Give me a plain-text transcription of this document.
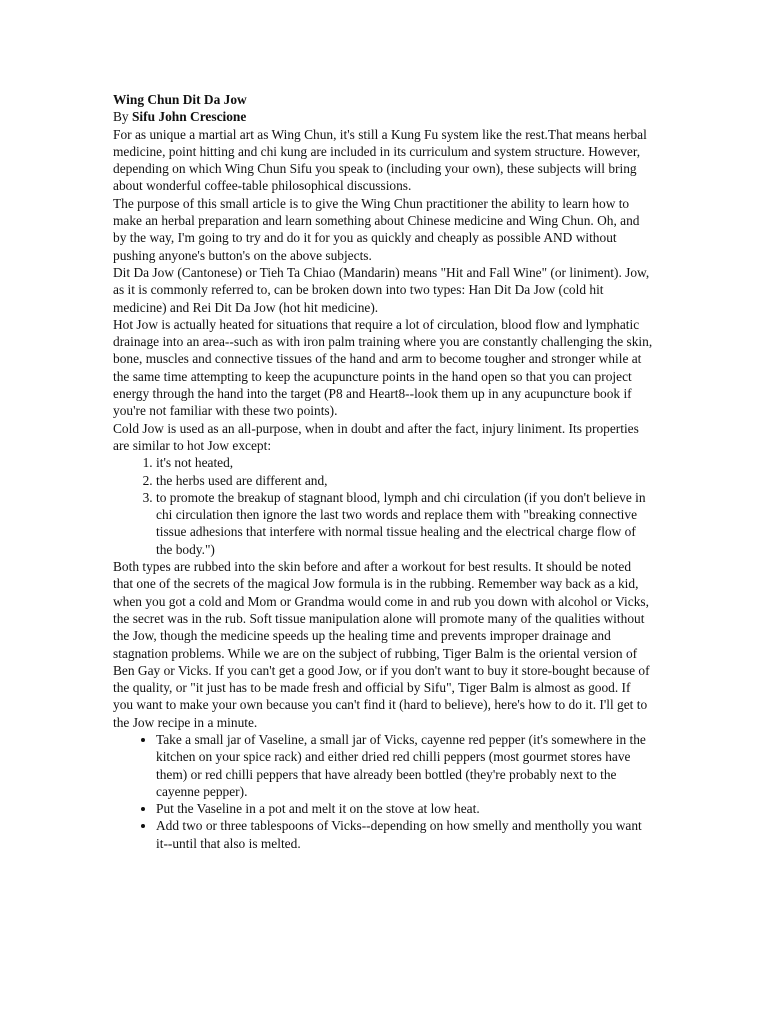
Wing Chun Dit Da Jow
By Sifu John Crescione

For as unique a martial art as Wing Chun, it's still a Kung Fu system like the rest.That means herbal medicine, point hitting and chi kung are included in its curriculum and system structure. However, depending on which Wing Chun Sifu you speak to (including your own), these subjects will bring about wonderful coffee-table philosophical discussions.

The purpose of this small article is to give the Wing Chun practitioner the ability to learn how to make an herbal preparation and learn something about Chinese medicine and Wing Chun. Oh, and by the way, I'm going to try and do it for you as quickly and cheaply as possible AND without pushing anyone's button's on the above subjects.

Dit Da Jow (Cantonese) or Tieh Ta Chiao (Mandarin) means "Hit and Fall Wine" (or liniment). Jow, as it is commonly referred to, can be broken down into two types: Han Dit Da Jow (cold hit medicine) and Rei Dit Da Jow (hot hit medicine).

Hot Jow is actually heated for situations that require a lot of circulation, blood flow and lymphatic drainage into an area--such as with iron palm training where you are constantly challenging the skin, bone, muscles and connective tissues of the hand and arm to become tougher and stronger while at the same time attempting to keep the acupuncture points in the hand open so that you can project energy through the hand into the target (P8 and Heart8--look them up in any acupuncture book if you're not familiar with these two points).

Cold Jow is used as an all-purpose, when in doubt and after the fact, injury liniment. Its properties are similar to hot Jow except:

1. it's not heated,
2. the herbs used are different and,
3. to promote the breakup of stagnant blood, lymph and chi circulation (if you don't believe in chi circulation then ignore the last two words and replace them with "breaking connective tissue adhesions that interfere with normal tissue healing and the electrical charge flow of the body.")

Both types are rubbed into the skin before and after a workout for best results. It should be noted that one of the secrets of the magical Jow formula is in the rubbing. Remember way back as a kid, when you got a cold and Mom or Grandma would come in and rub you down with alcohol or Vicks, the secret was in the rub. Soft tissue manipulation alone will promote many of the qualities without the Jow, though the medicine speeds up the healing time and prevents improper drainage and stagnation problems. While we are on the subject of rubbing, Tiger Balm is the oriental version of Ben Gay or Vicks. If you can't get a good Jow, or if you don't want to buy it store-bought because of the quality, or "it just has to be made fresh and official by Sifu", Tiger Balm is almost as good. If you want to make your own because you can't find it (hard to believe), here's how to do it. I'll get to the Jow recipe in a minute.

• Take a small jar of Vaseline, a small jar of Vicks, cayenne red pepper (it's somewhere in the kitchen on your spice rack) and either dried red chilli peppers (most gourmet stores have them) or red chilli peppers that have already been bottled (they're probably next to the cayenne pepper).
• Put the Vaseline in a pot and melt it on the stove at low heat.
• Add two or three tablespoons of Vicks--depending on how smelly and mentholly you want it--until that also is melted.
